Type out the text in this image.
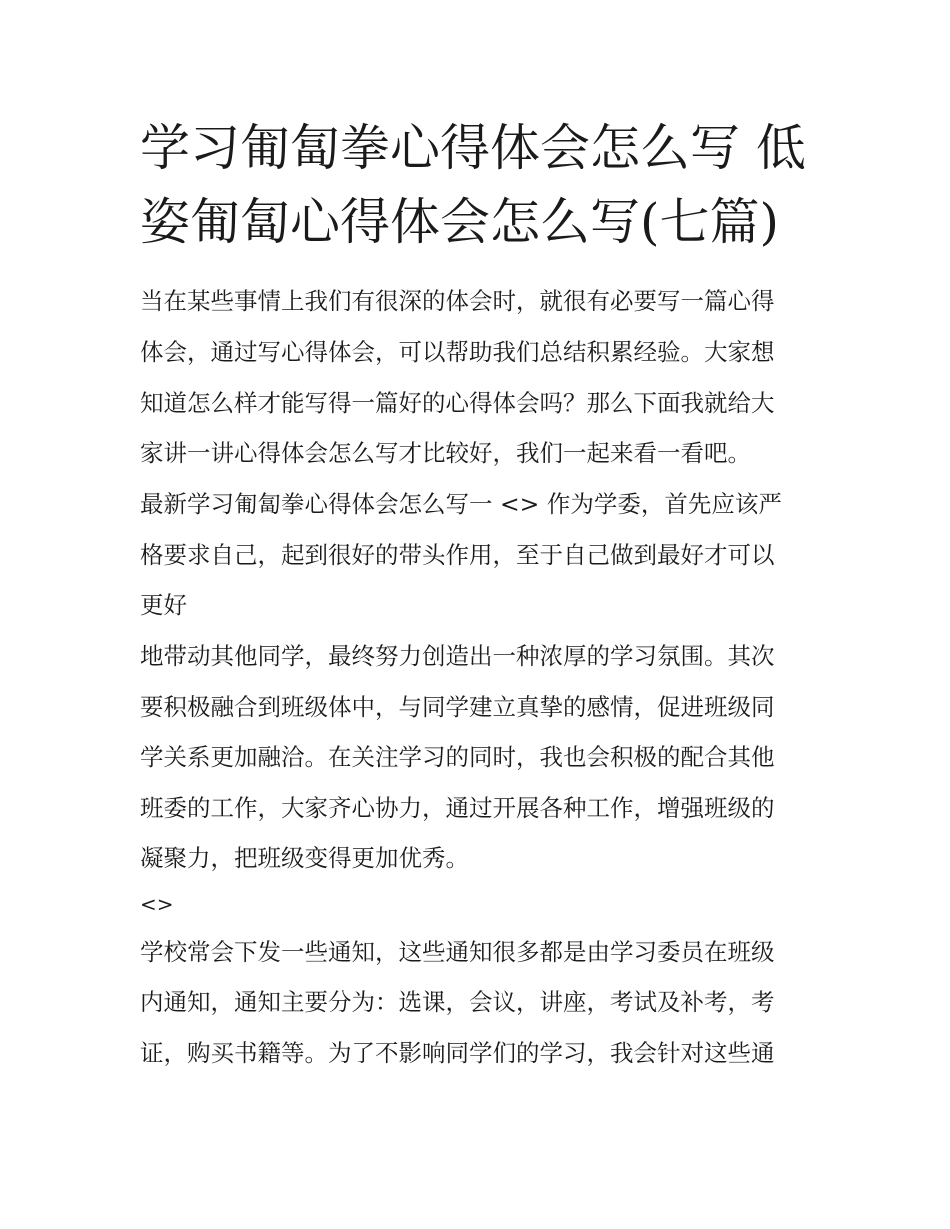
学习匍匐拳心得体会怎么写 低
姿匍匐心得体会怎么写(七篇)
当在某些事情上我们有很深的体会时，就很有必要写一篇心得
体会，通过写心得体会，可以帮助我们总结积累经验。大家想
知道怎么样才能写得一篇好的心得体会吗？那么下面我就给大
家讲一讲心得体会怎么写才比较好，我们一起来看一看吧。
最新学习匍匐拳心得体会怎么写一 <> 作为学委，首先应该严
格要求自己，起到很好的带头作用，至于自己做到最好才可以
更好
地带动其他同学，最终努力创造出一种浓厚的学习氛围。其次
要积极融合到班级体中，与同学建立真挚的感情，促进班级同
学关系更加融洽。在关注学习的同时，我也会积极的配合其他
班委的工作，大家齐心协力，通过开展各种工作，增强班级的
凝聚力，把班级变得更加优秀。
<>
学校常会下发一些通知，这些通知很多都是由学习委员在班级
内通知，通知主要分为：选课，会议，讲座，考试及补考，考
证，购买书籍等。为了不影响同学们的学习，我会针对这些通
